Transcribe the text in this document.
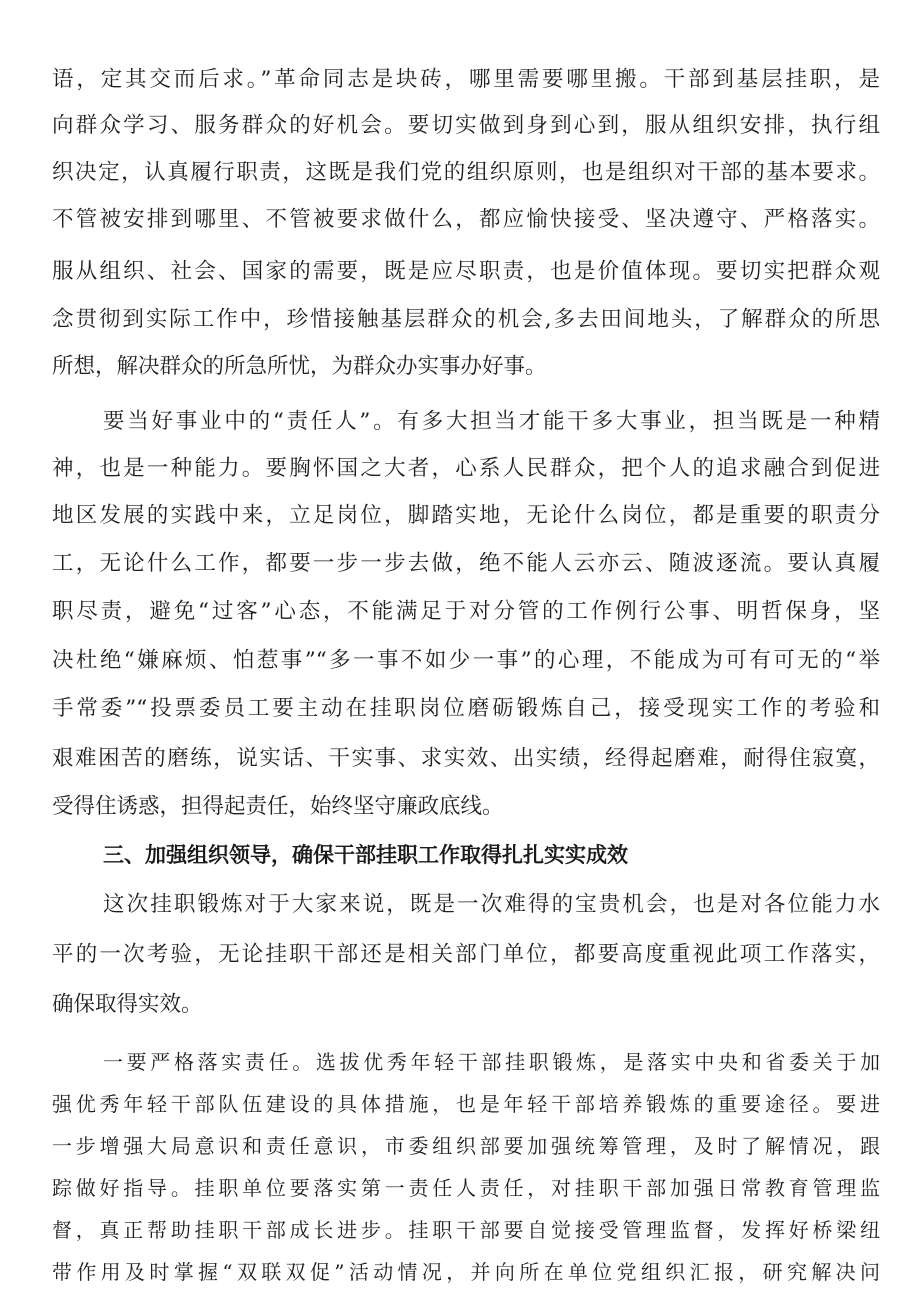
语，定其交而后求。”革命同志是块砖，哪里需要哪里搬。干部到基层挂职，是
向群众学习、服务群众的好机会。要切实做到身到心到，服从组织安排，执行组
织决定，认真履行职责，这既是我们党的组织原则，也是组织对干部的基本要求。
不管被安排到哪里、不管被要求做什么，都应愉快接受、坚决遵守、严格落实。
服从组织、社会、国家的需要，既是应尽职责，也是价值体现。要切实把群众观
念贯彻到实际工作中，珍惜接触基层群众的机会,多去田间地头，了解群众的所思
所想，解决群众的所急所忧，为群众办实事办好事。
要当好事业中的“责任人”。有多大担当才能干多大事业，担当既是一种精
神，也是一种能力。要胸怀国之大者，心系人民群众，把个人的追求融合到促进
地区发展的实践中来，立足岗位，脚踏实地，无论什么岗位，都是重要的职责分
工，无论什么工作，都要一步一步去做，绝不能人云亦云、随波逐流。要认真履
职尽责，避免“过客”心态，不能满足于对分管的工作例行公事、明哲保身，坚
决杜绝“嫌麻烦、怕惹事”“多一事不如少一事”的心理，不能成为可有可无的“举
手常委”“投票委员工要主动在挂职岗位磨砺锻炼自己，接受现实工作的考验和
艰难困苦的磨练，说实话、干实事、求实效、出实绩，经得起磨难，耐得住寂寞，
受得住诱惑，担得起责任，始终坚守廉政底线。
三、加强组织领导，确保干部挂职工作取得扎扎实实成效
这次挂职锻炼对于大家来说，既是一次难得的宝贵机会，也是对各位能力水
平的一次考验，无论挂职干部还是相关部门单位，都要高度重视此项工作落实，
确保取得实效。
一要严格落实责任。选拔优秀年轻干部挂职锻炼，是落实中央和省委关于加
强优秀年轻干部队伍建设的具体措施，也是年轻干部培养锻炼的重要途径。要进
一步增强大局意识和责任意识，市委组织部要加强统筹管理，及时了解情况，跟
踪做好指导。挂职单位要落实第一责任人责任，对挂职干部加强日常教育管理监
督，真正帮助挂职干部成长进步。挂职干部要自觉接受管理监督，发挥好桥梁纽
带作用及时掌握“双联双促”活动情况，并向所在单位党组织汇报，研究解决问
